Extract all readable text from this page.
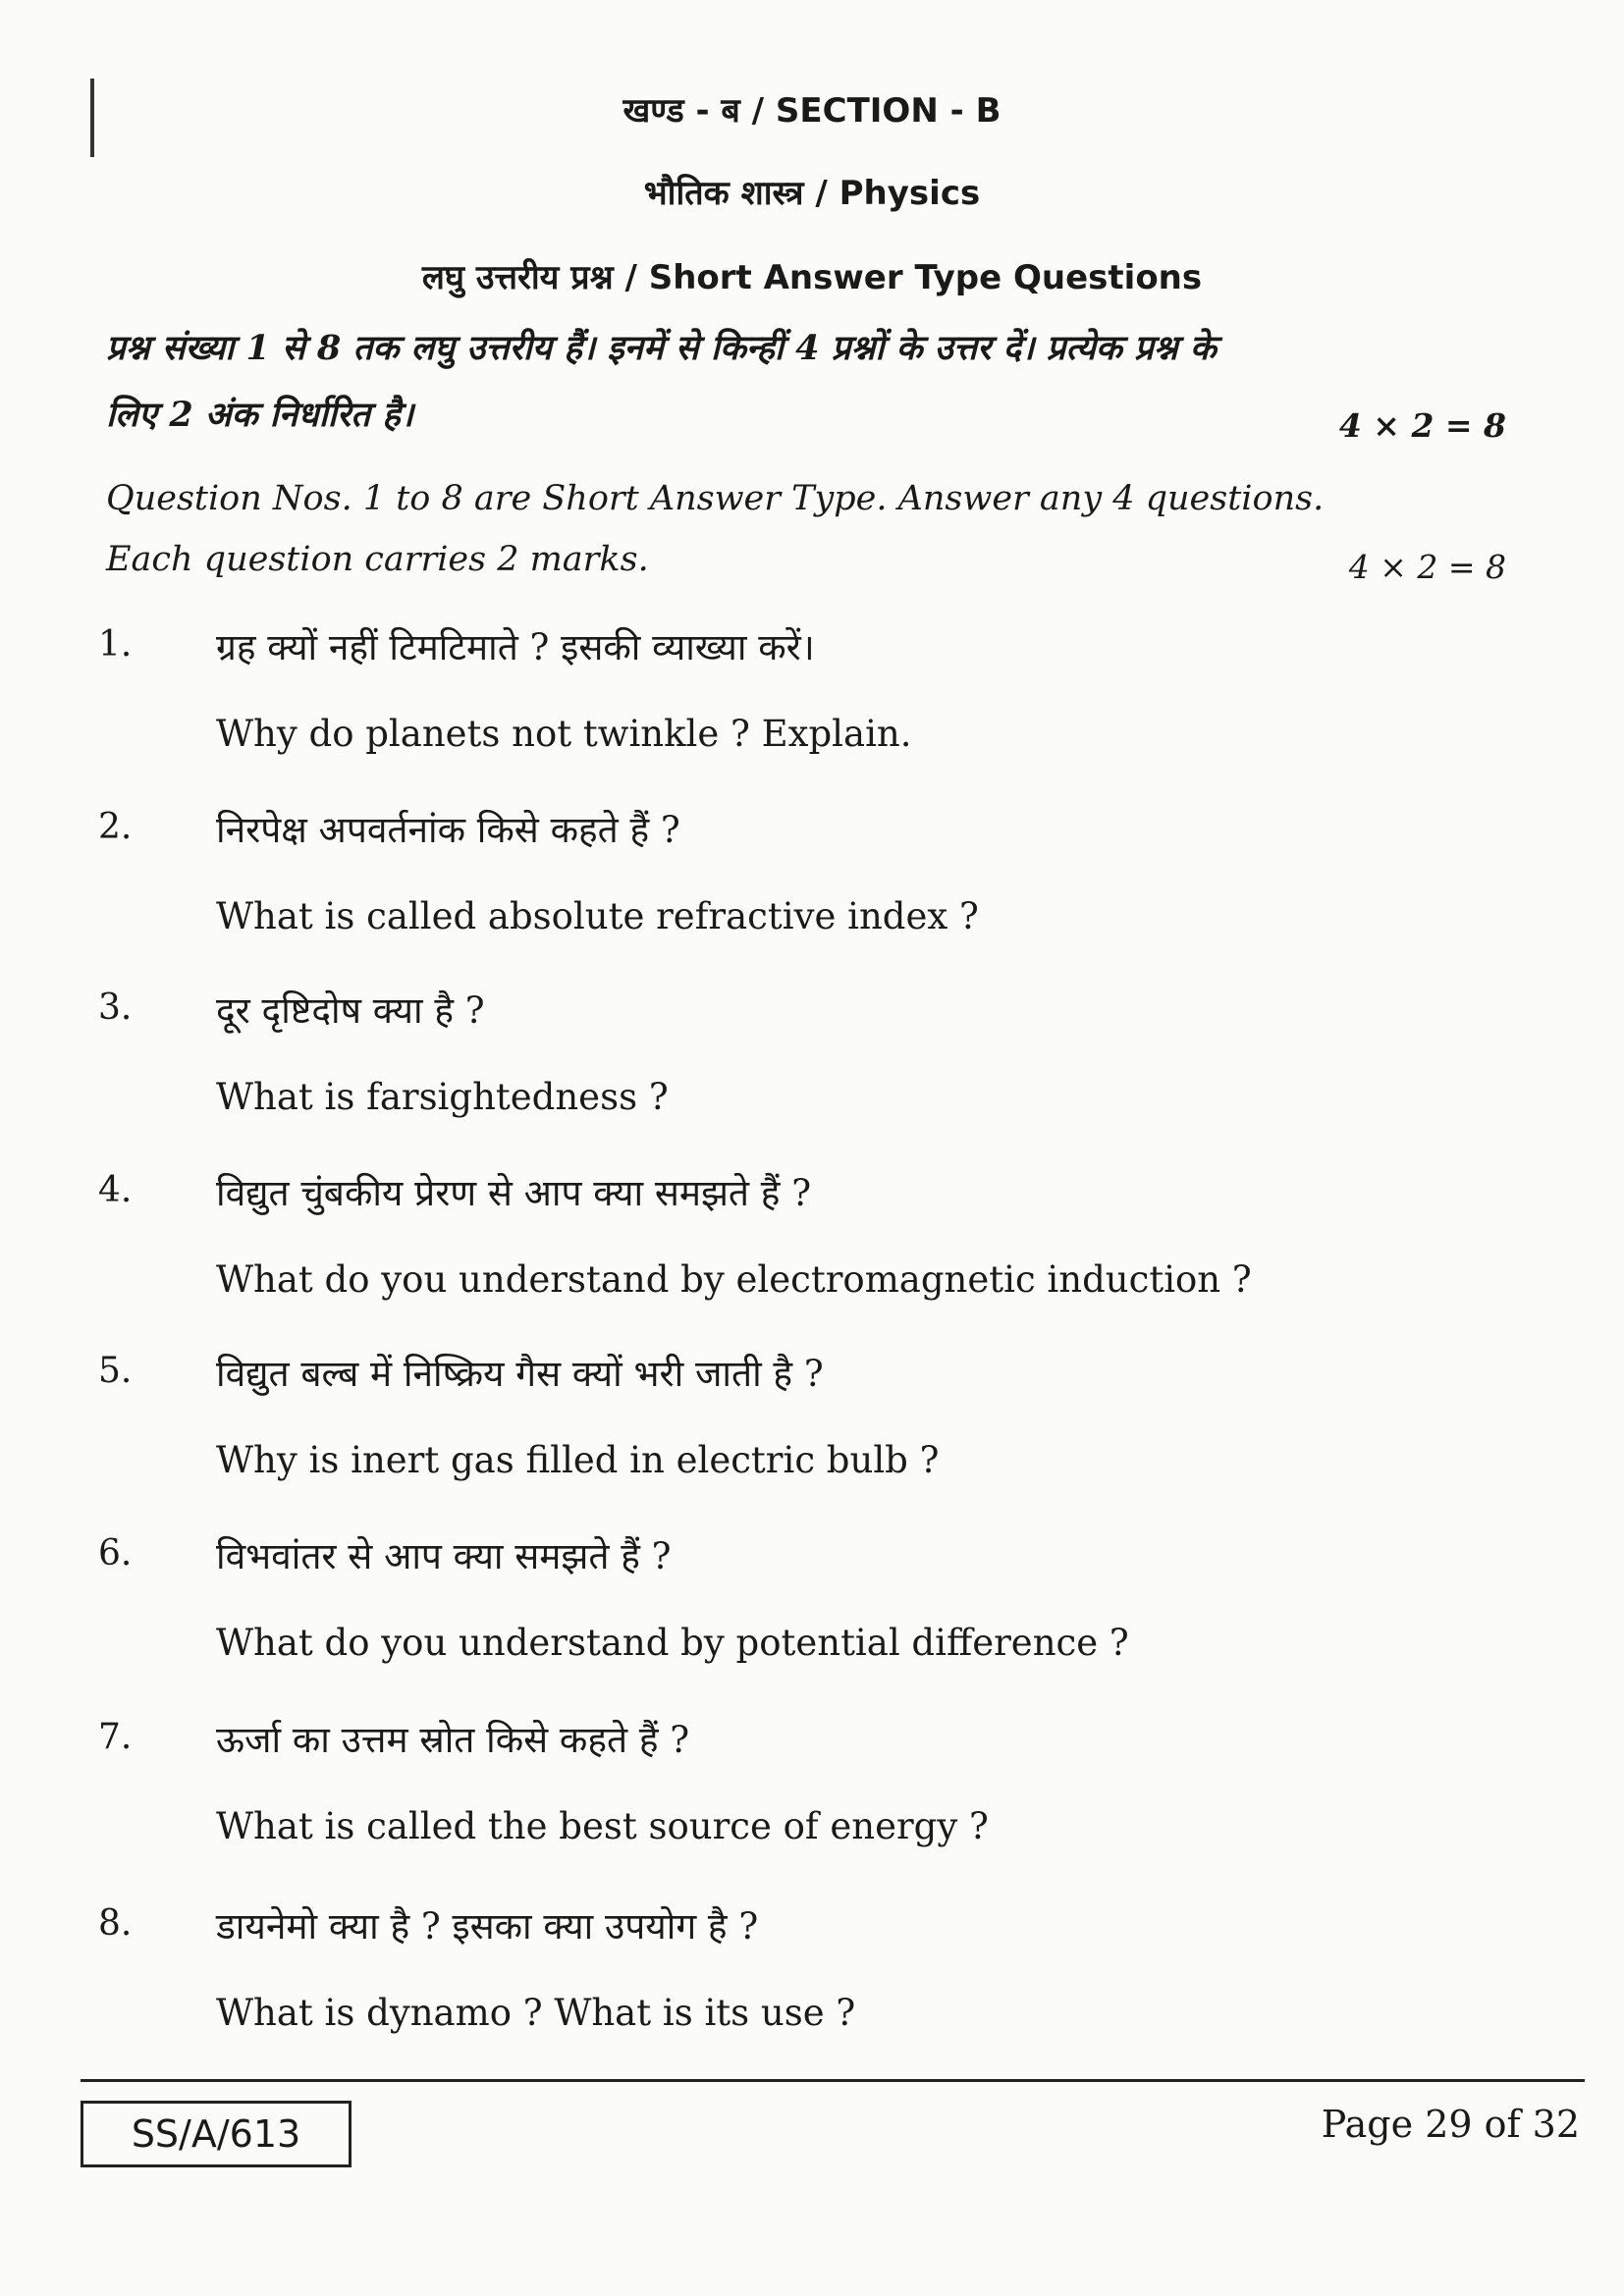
खण्ड - ब / SECTION - B
भौतिक शास्त्र / Physics
लघु उत्तरीय प्रश्न / Short Answer Type Questions
प्रश्न संख्या 1 से 8 तक लघु उत्तरीय हैं। इनमें से किन्हीं 4 प्रश्नों के उत्तर दें। प्रत्येक प्रश्न के
लिए 2 अंक निर्धारित है।	4 × 2 = 8
Question Nos. 1 to 8 are Short Answer Type. Answer any 4 questions.
Each question carries 2 marks.	4 × 2 = 8
1. ग्रह क्यों नहीं टिमटिमाते ? इसकी व्याख्या करें।
Why do planets not twinkle ? Explain.
2. निरपेक्ष अपवर्तनांक किसे कहते हैं ?
What is called absolute refractive index ?
3. दूर दृष्टिदोष क्या है ?
What is farsightedness ?
4. विद्युत चुंबकीय प्रेरण से आप क्या समझते हैं ?
What do you understand by electromagnetic induction ?
5. विद्युत बल्ब में निष्क्रिय गैस क्यों भरी जाती है ?
Why is inert gas filled in electric bulb ?
6. विभवांतर से आप क्या समझते हैं ?
What do you understand by potential difference ?
7. ऊर्जा का उत्तम स्रोत किसे कहते हैं ?
What is called the best source of energy ?
8. डायनेमो क्या है ? इसका क्या उपयोग है ?
What is dynamo ? What is its use ?
SS/A/613	Page 29 of 32
